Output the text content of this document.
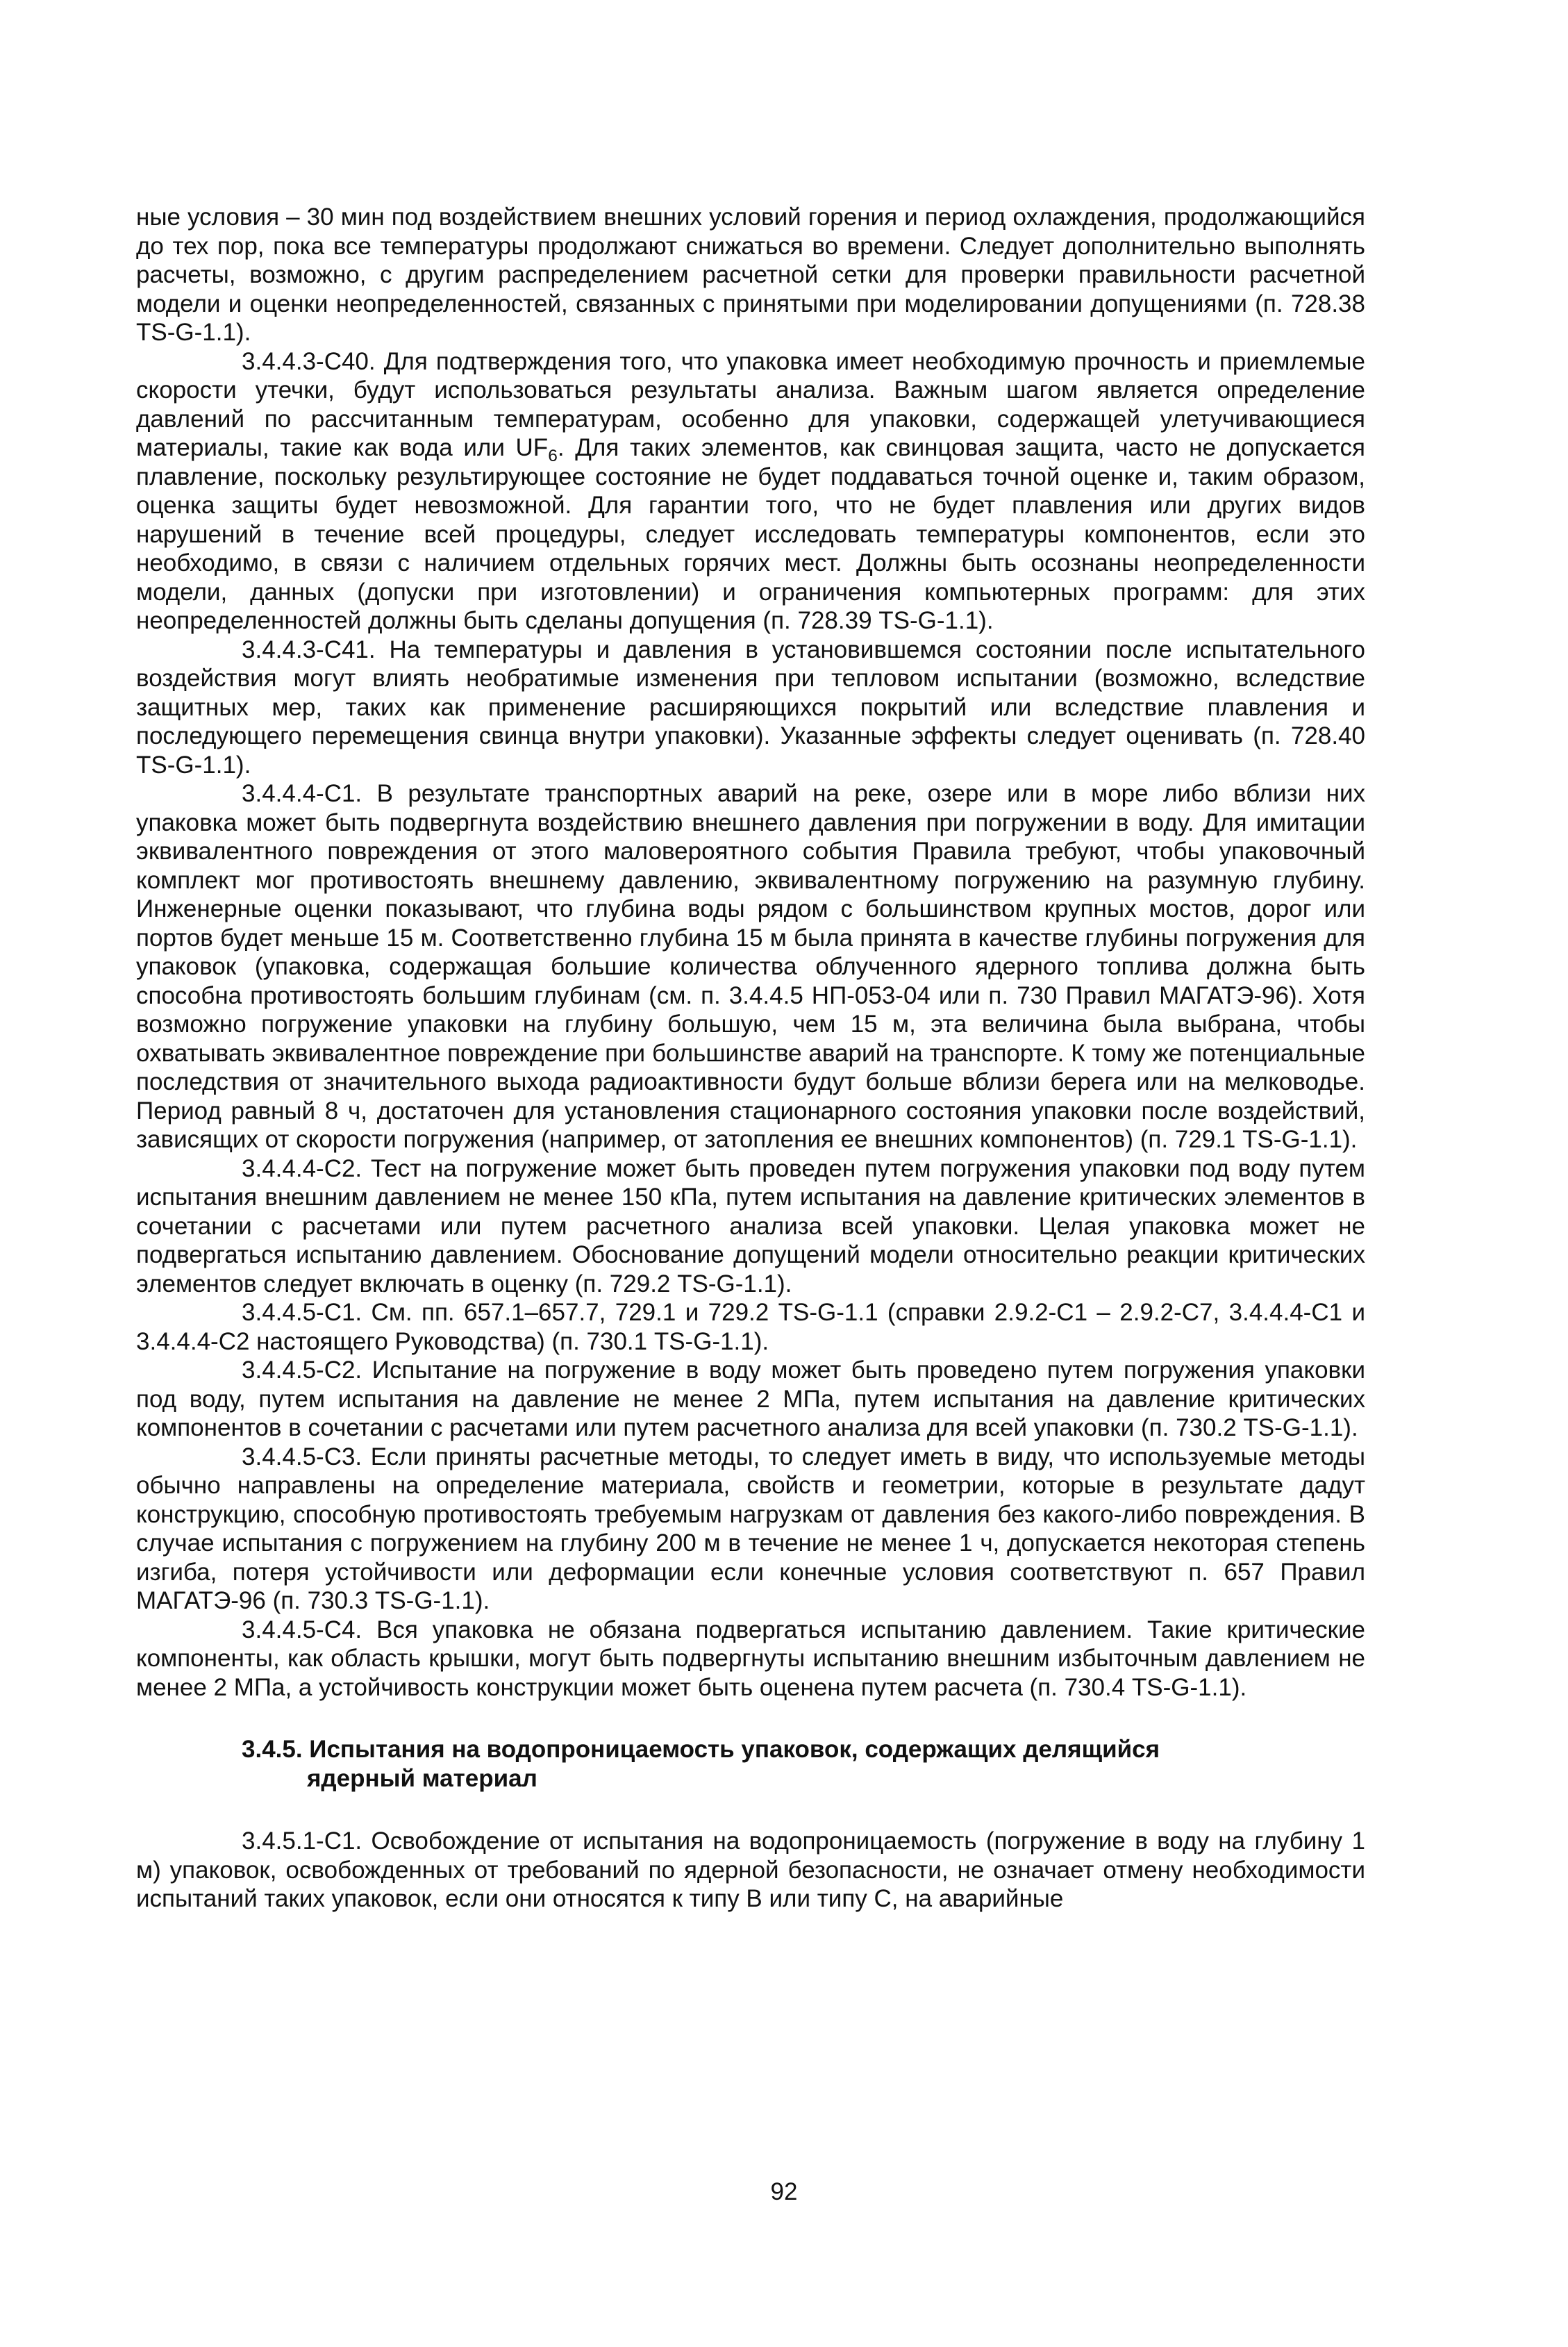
ные условия – 30 мин под воздействием внешних условий горения и период охлаждения, продолжающийся до тех пор, пока все температуры продолжают снижаться во времени. Следует дополнительно выполнять расчеты, возможно, с другим распределением расчетной сетки для проверки правильности расчетной модели и оценки неопределенностей, связанных с принятыми при моделировании допущениями (п. 728.38 TS-G-1.1).

3.4.4.3-С40. Для подтверждения того, что упаковка имеет необходимую прочность и приемлемые скорости утечки, будут использоваться результаты анализа. Важным шагом является определение давлений по рассчитанным температурам, особенно для упаковки, содержащей улетучивающиеся материалы, такие как вода или $UF_6$. Для таких элементов, как свинцовая защита, часто не допускается плавление, поскольку результирующее состояние не будет поддаваться точной оценке и, таким образом, оценка защиты будет невозможной. Для гарантии того, что не будет плавления или других видов нарушений в течение всей процедуры, следует исследовать температуры компонентов, если это необходимо, в связи с наличием отдельных горячих мест. Должны быть осознаны неопределенности модели, данных (допуски при изготовлении) и ограничения компьютерных программ: для этих неопределенностей должны быть сделаны допущения (п. 728.39 TS-G-1.1).

3.4.4.3-С41. На температуры и давления в установившемся состоянии после испытательного воздействия могут влиять необратимые изменения при тепловом испытании (возможно, вследствие защитных мер, таких как применение расширяющихся покрытий или вследствие плавления и последующего перемещения свинца внутри упаковки). Указанные эффекты следует оценивать (п. 728.40 TS-G-1.1).

3.4.4.4-С1. В результате транспортных аварий на реке, озере или в море либо вблизи них упаковка может быть подвергнута воздействию внешнего давления при погружении в воду. Для имитации эквивалентного повреждения от этого маловероятного события Правила требуют, чтобы упаковочный комплект мог противостоять внешнему давлению, эквивалентному погружению на разумную глубину. Инженерные оценки показывают, что глубина воды рядом с большинством крупных мостов, дорог или портов будет меньше 15 м. Соответственно глубина 15 м была принята в качестве глубины погружения для упаковок (упаковка, содержащая большие количества облученного ядерного топлива должна быть способна противостоять большим глубинам (см. п. 3.4.4.5 НП-053-04 или п. 730 Правил МАГАТЭ-96). Хотя возможно погружение упаковки на глубину большую, чем 15 м, эта величина была выбрана, чтобы охватывать эквивалентное повреждение при большинстве аварий на транспорте. К тому же потенциальные последствия от значительного выхода радиоактивности будут больше вблизи берега или на мелководье. Период равный 8 ч, достаточен для установления стационарного состояния упаковки после воздействий, зависящих от скорости погружения (например, от затопления ее внешних компонентов) (п. 729.1 TS-G-1.1).

3.4.4.4-С2. Тест на погружение может быть проведен путем погружения упаковки под воду путем испытания внешним давлением не менее 150 кПа, путем испытания на давление критических элементов в сочетании с расчетами или путем расчетного анализа всей упаковки. Целая упаковка может не подвергаться испытанию давлением. Обоснование допущений модели относительно реакции критических элементов следует включать в оценку (п. 729.2 TS-G-1.1).

3.4.4.5-С1. См. пп. 657.1–657.7, 729.1 и 729.2 TS-G-1.1 (справки 2.9.2-С1 – 2.9.2-С7, 3.4.4.4-С1 и 3.4.4.4-С2 настоящего Руководства) (п. 730.1 TS-G-1.1).

3.4.4.5-С2. Испытание на погружение в воду может быть проведено путем погружения упаковки под воду, путем испытания на давление не менее 2 МПа, путем испытания на давление критических компонентов в сочетании с расчетами или путем расчетного анализа для всей упаковки (п. 730.2 TS-G-1.1).

3.4.4.5-С3. Если приняты расчетные методы, то следует иметь в виду, что используемые методы обычно направлены на определение материала, свойств и геометрии, которые в результате дадут конструкцию, способную противостоять требуемым нагрузкам от давления без какого-либо повреждения. В случае испытания с погружением на глубину 200 м в течение не менее 1 ч, допускается некоторая степень изгиба, потеря устойчивости или деформации если конечные условия соответствуют п. 657 Правил МАГАТЭ-96 (п. 730.3 TS-G-1.1).

3.4.4.5-С4. Вся упаковка не обязана подвергаться испытанию давлением. Такие критические компоненты, как область крышки, могут быть подвергнуты испытанию внешним избыточным давлением не менее 2 МПа, а устойчивость конструкции может быть оценена путем расчета (п. 730.4 TS-G-1.1).

3.4.5. Испытания на водопроницаемость упаковок, содержащих делящийся
ядерный материал

3.4.5.1-С1. Освобождение от испытания на водопроницаемость (погружение в воду на глубину 1 м) упаковок, освобожденных от требований по ядерной безопасности, не означает отмену необходимости испытаний таких упаковок, если они относятся к типу В или типу С, на аварийные

92
